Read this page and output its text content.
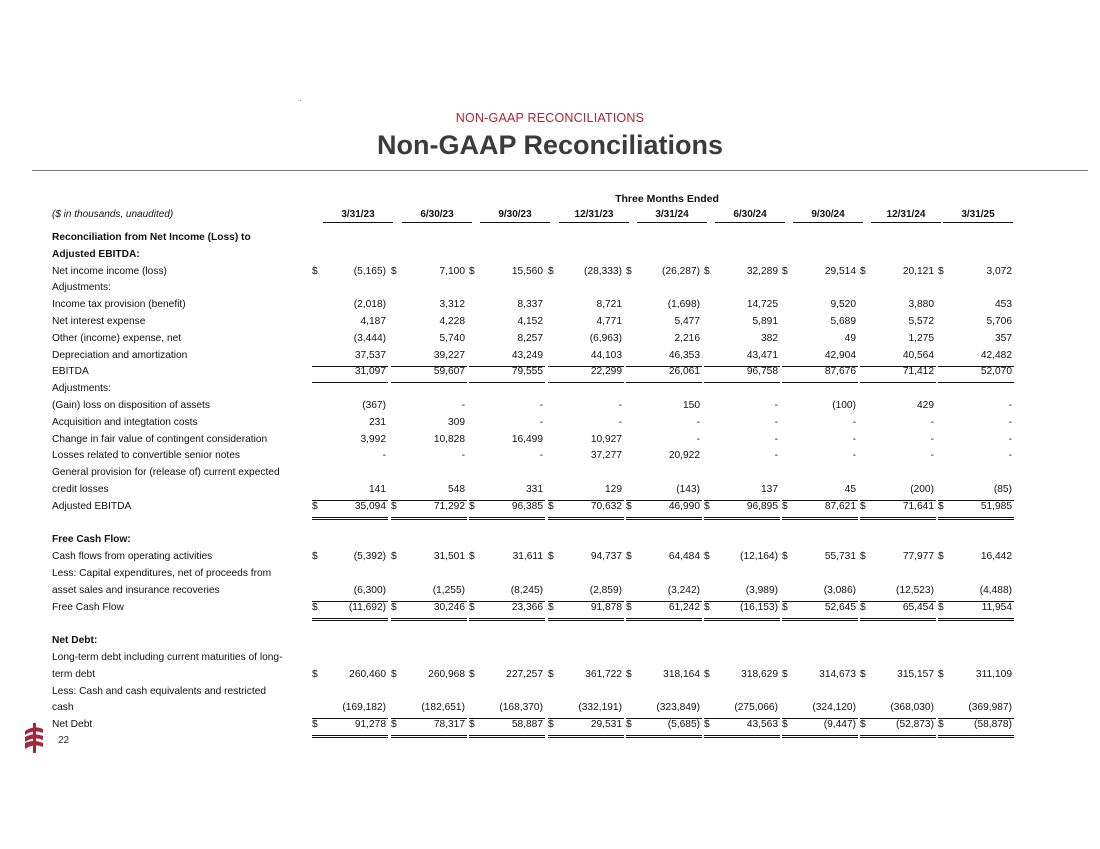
NON-GAAP RECONCILIATIONS
Non-GAAP Reconciliations
Three Months Ended
($ in thousands, unaudited)	3/31/23	6/30/23	9/30/23	12/31/23	3/31/24	6/30/24	9/30/24	12/31/24	3/31/25
Reconciliation from Net Income (Loss) to
Adjusted EBITDA:
Net income income (loss)	$	(5,165) $	7,100 $	15,560 $	(28,333) $	(26,287) $	32,289 $	29,514 $	20,121 $	3,072
Adjustments:
Income tax provision (benefit)	(2,018)	3,312	8,337	8,721	(1,698)	14,725	9,520	3,880	453
Net interest expense	4,187	4,228	4,152	4,771	5,477	5,891	5,689	5,572	5,706
Other (income) expense, net	(3,444)	5,740	8,257	(6,963)	2,216	382	49	1,275	357
Depreciation and amortization	37,537	39,227	43,249	44,103	46,353	43,471	42,904	40,564	42,482
EBITDA	31,097	59,607	79,555	22,299	26,061	96,758	87,676	71,412	52,070
Adjustments:
(Gain) loss on disposition of assets	(367)	-	-	-	150	-	(100)	429	-
Acquisition and integtation costs	231	309	-	-	-	-	-	-	-
Change in fair value of contingent consideration	3,992	10,828	16,499	10,927	-	-	-	-	-
Losses related to convertible senior notes	-	-	-	37,277	20,922	-	-	-	-
General provision for (release of) current expected
credit losses	141	548	331	129	(143)	137	45	(200)	(85)
Adjusted EBITDA	$	35,094 $	71,292 $	96,385 $	70,632 $	46,990 $	96,895 $	87,621 $	71,641 $	51,985
Free Cash Flow:
Cash flows from operating activities	$	(5,392) $	31,501 $	31,611 $	94,737 $	64,484 $	(12,164) $	55,731 $	77,977 $	16,442
Less: Capital expenditures, net of proceeds from
asset sales and insurance recoveries	(6,300)	(1,255)	(8,245)	(2,859)	(3,242)	(3,989)	(3,086)	(12,523)	(4,488)
Free Cash Flow	$	(11,692) $	30,246 $	23,366 $	91,878 $	61,242 $	(16,153) $	52,645 $	65,454 $	11,954
Net Debt:
Long-term debt including current maturities of long-
term debt	$	260,460 $	260,968 $	227,257 $	361,722 $	318,164 $	318,629 $	314,673 $	315,157 $	311,109
Less: Cash and cash equivalents and restricted
cash	(169,182)	(182,651)	(168,370)	(332,191)	(323,849)	(275,066)	(324,120)	(368,030)	(369,987)
Net Debt	$	91,278 $	78,317 $	58,887 $	29,531 $	(5,685) $	43,563 $	(9,447) $	(52,873) $	(58,878)
22
